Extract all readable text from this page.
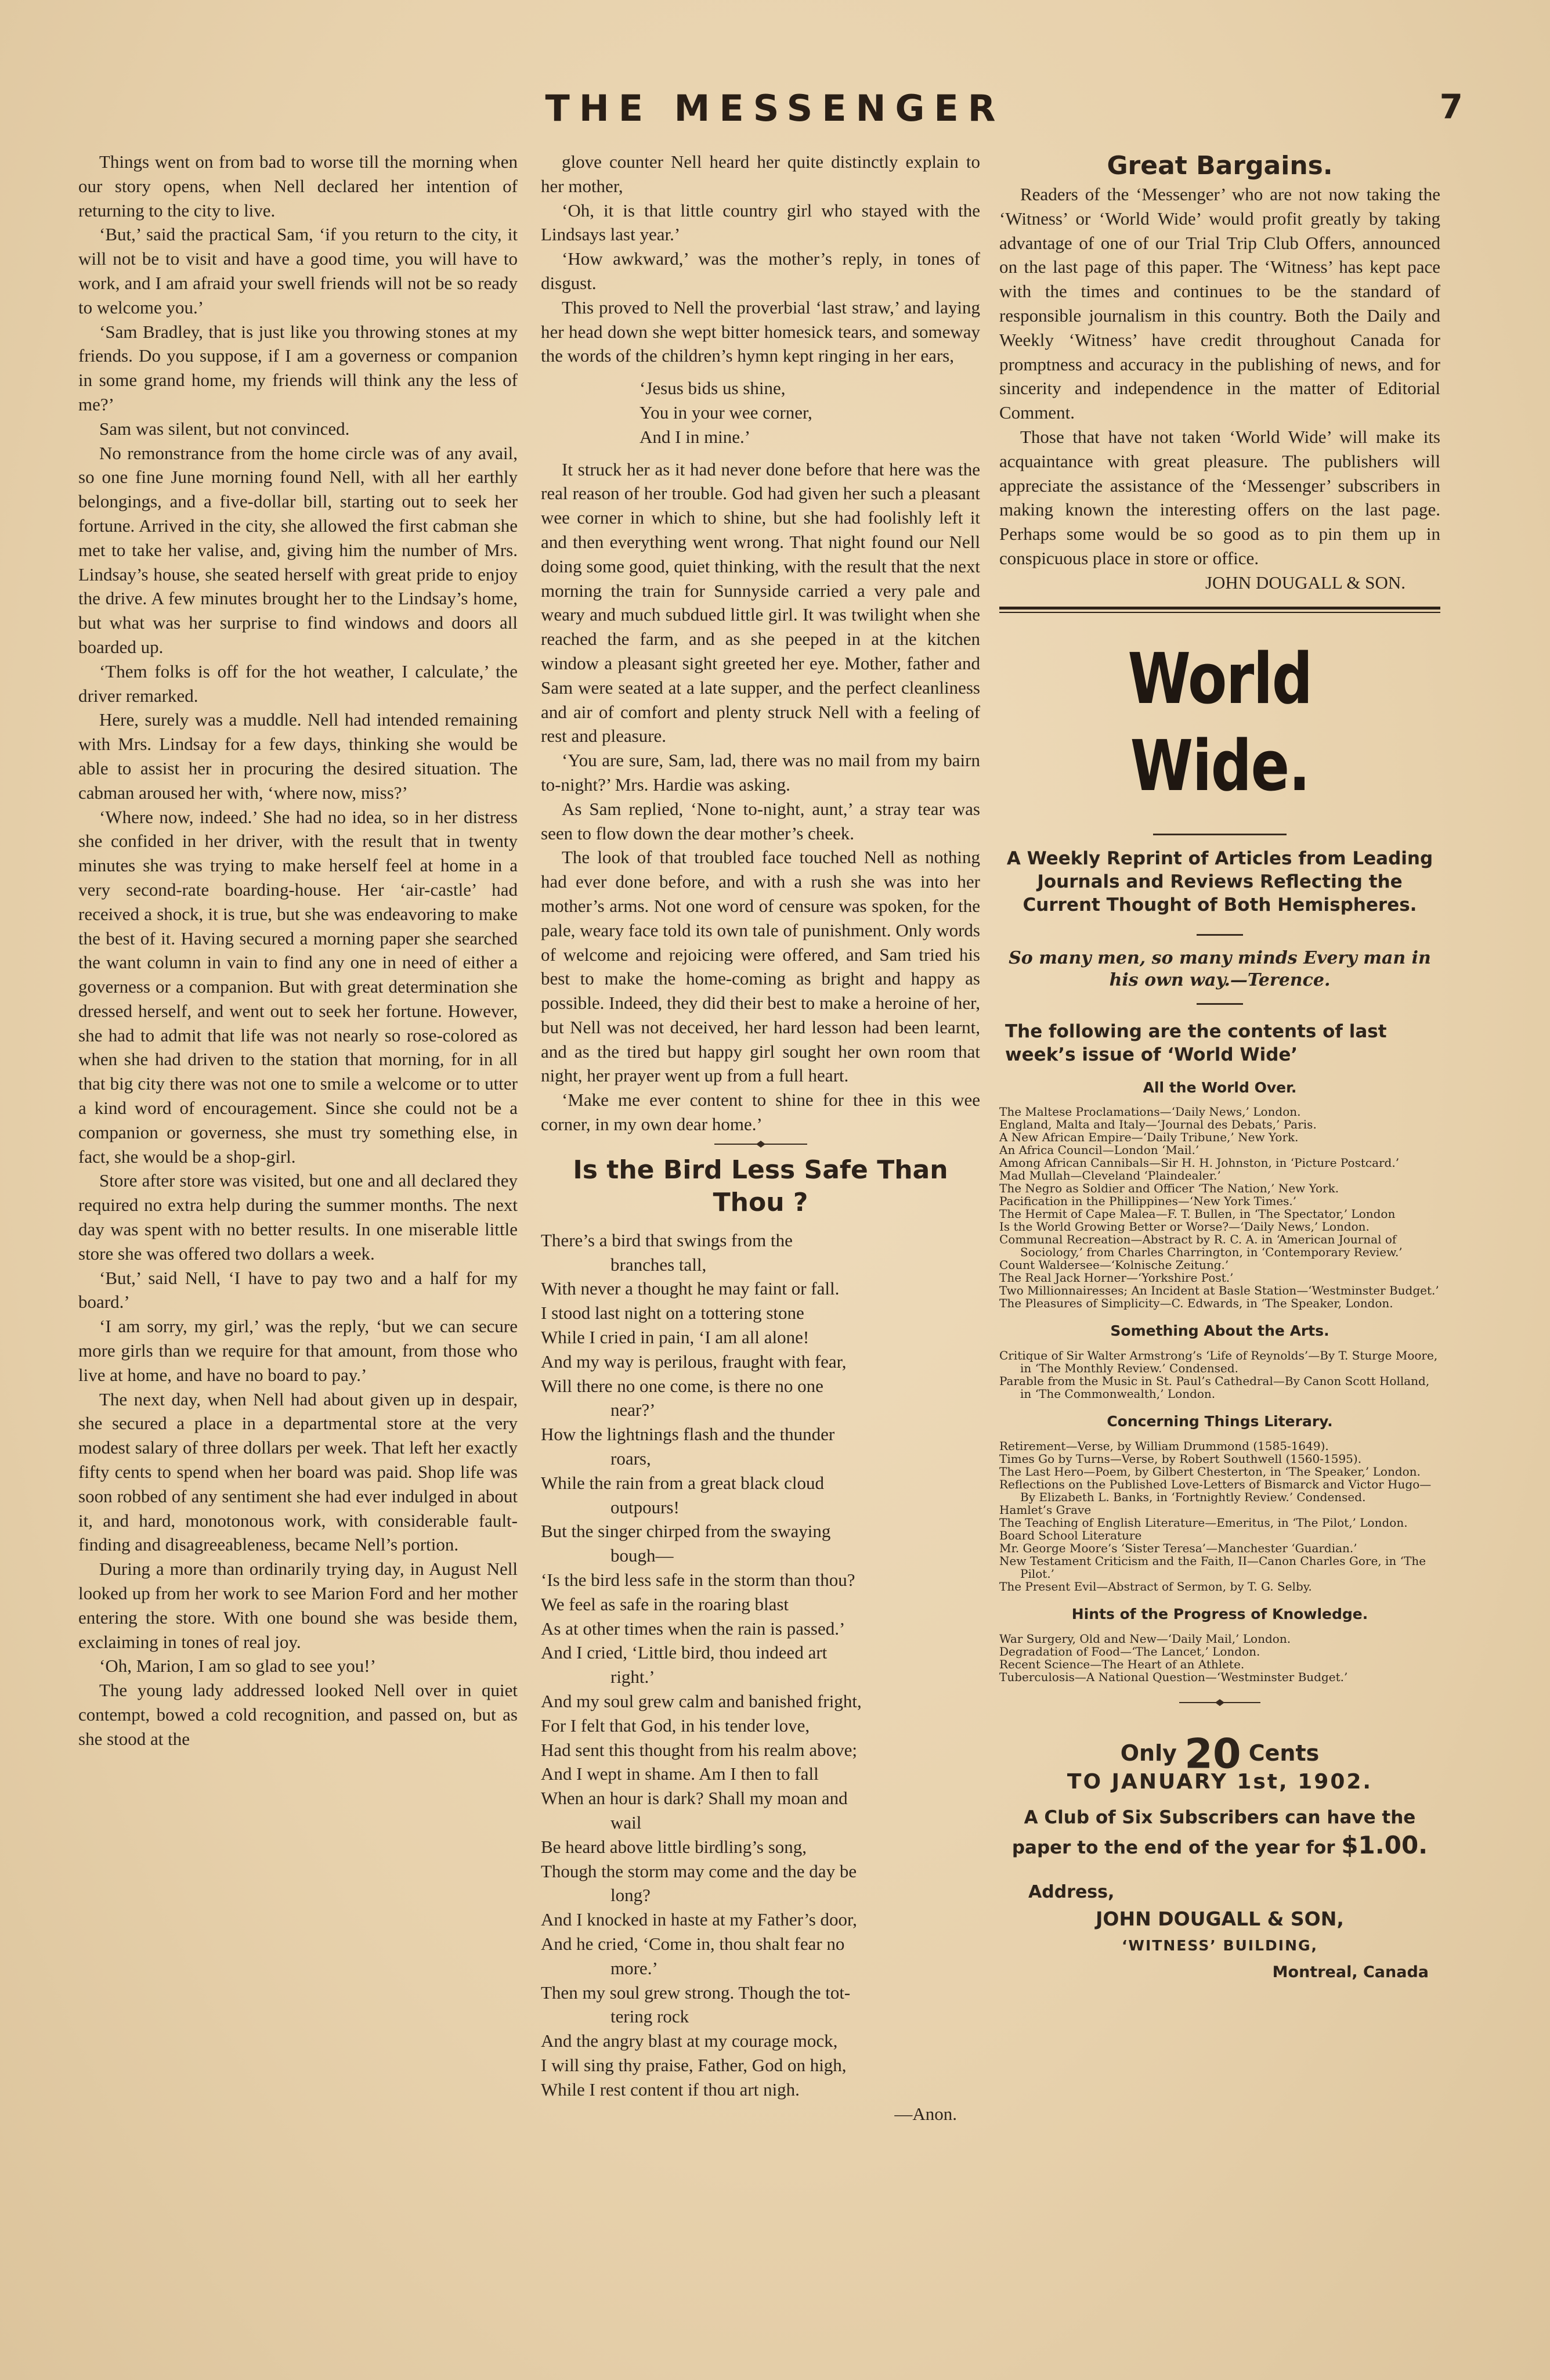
THE MESSENGER	7

Things went on from bad to worse till the morning when our story opens, when Nell declared her intention of returning to the city to live.

‘But,’ said the practical Sam, ‘if you return to the city, it will not be to visit and have a good time, you will have to work, and I am afraid your swell friends will not be so ready to welcome you.’

‘Sam Bradley, that is just like you throwing stones at my friends. Do you suppose, if I am a governess or companion in some grand home, my friends will think any the less of me?’

Sam was silent, but not convinced.

No remonstrance from the home circle was of any avail, so one fine June morning found Nell, with all her earthly belongings, and a five-dollar bill, starting out to seek her fortune. Arrived in the city, she allowed the first cabman she met to take her valise, and, giving him the number of Mrs. Lindsay’s house, she seated herself with great pride to enjoy the drive. A few minutes brought her to the Lindsay’s home, but what was her surprise to find windows and doors all boarded up.

‘Them folks is off for the hot weather, I calculate,’ the driver remarked.

Here, surely was a muddle. Nell had intended remaining with Mrs. Lindsay for a few days, thinking she would be able to assist her in procuring the desired situation. The cabman aroused her with, ‘where now, miss?’

‘Where now, indeed.’ She had no idea, so in her distress she confided in her driver, with the result that in twenty minutes she was trying to make herself feel at home in a very second-rate boarding-house. Her ‘air-castle’ had received a shock, it is true, but she was endeavoring to make the best of it. Having secured a morning paper she searched the want column in vain to find any one in need of either a governess or a companion. But with great determination she dressed herself, and went out to seek her fortune. However, she had to admit that life was not nearly so rose-colored as when she had driven to the station that morning, for in all that big city there was not one to smile a welcome or to utter a kind word of encouragement. Since she could not be a companion or governess, she must try something else, in fact, she would be a shop-girl.

Store after store was visited, but one and all declared they required no extra help during the summer months. The next day was spent with no better results. In one miserable little store she was offered two dollars a week.

‘But,’ said Nell, ‘I have to pay two and a half for my board.’

‘I am sorry, my girl,’ was the reply, ‘but we can secure more girls than we require for that amount, from those who live at home, and have no board to pay.’

The next day, when Nell had about given up in despair, she secured a place in a departmental store at the very modest salary of three dollars per week. That left her exactly fifty cents to spend when her board was paid. Shop life was soon robbed of any sentiment she had ever indulged in about it, and hard, monotonous work, with considerable fault-finding and disagreeableness, became Nell’s portion.

During a more than ordinarily trying day, in August Nell looked up from her work to see Marion Ford and her mother entering the store. With one bound she was beside them, exclaiming in tones of real joy.

‘Oh, Marion, I am so glad to see you!’

The young lady addressed looked Nell over in quiet contempt, bowed a cold recognition, and passed on, but as she stood at the

glove counter Nell heard her quite distinctly explain to her mother,

‘Oh, it is that little country girl who stayed with the Lindsays last year.’

‘How awkward,’ was the mother’s reply, in tones of disgust.

This proved to Nell the proverbial ‘last straw,’ and laying her head down she wept bitter homesick tears, and someway the words of the children’s hymn kept ringing in her ears,

‘Jesus bids us shine,
You in your wee corner,
And I in mine.’

It struck her as it had never done before that here was the real reason of her trouble. God had given her such a pleasant wee corner in which to shine, but she had foolishly left it and then everything went wrong. That night found our Nell doing some good, quiet thinking, with the result that the next morning the train for Sunnyside carried a very pale and weary and much subdued little girl. It was twilight when she reached the farm, and as she peeped in at the kitchen window a pleasant sight greeted her eye. Mother, father and Sam were seated at a late supper, and the perfect cleanliness and air of comfort and plenty struck Nell with a feeling of rest and pleasure.

‘You are sure, Sam, lad, there was no mail from my bairn to-night?’ Mrs. Hardie was asking.

As Sam replied, ‘None to-night, aunt,’ a stray tear was seen to flow down the dear mother’s cheek.

The look of that troubled face touched Nell as nothing had ever done before, and with a rush she was into her mother’s arms. Not one word of censure was spoken, for the pale, weary face told its own tale of punishment. Only words of welcome and rejoicing were offered, and Sam tried his best to make the home-coming as bright and happy as possible. Indeed, they did their best to make a heroine of her, but Nell was not deceived, her hard lesson had been learnt, and as the tired but happy girl sought her own room that night, her prayer went up from a full heart.

‘Make me ever content to shine for thee in this wee corner, in my own dear home.’

Is the Bird Less Safe Than Thou ?
There’s a bird that swings from the
branches tall,
With never a thought he may faint or fall.
I stood last night on a tottering stone
While I cried in pain, ‘I am all alone!
And my way is perilous, fraught with fear,
Will there no one come, is there no one
near?’
How the lightnings flash and the thunder
roars,
While the rain from a great black cloud
outpours!
But the singer chirped from the swaying
bough—
‘Is the bird less safe in the storm than thou?
We feel as safe in the roaring blast
As at other times when the rain is passed.’
And I cried, ‘Little bird, thou indeed art
right.’
And my soul grew calm and banished fright,
For I felt that God, in his tender love,
Had sent this thought from his realm above;
And I wept in shame. Am I then to fall
When an hour is dark? Shall my moan and
wail
Be heard above little birdling’s song,
Though the storm may come and the day be
long?
And I knocked in haste at my Father’s door,
And he cried, ‘Come in, thou shalt fear no
more.’
Then my soul grew strong. Though the tot-
tering rock
And the angry blast at my courage mock,
I will sing thy praise, Father, God on high,
While I rest content if thou art nigh.
—Anon.
Great Bargains.

Readers of the ‘Messenger’ who are not now taking the ‘Witness’ or ‘World Wide’ would profit greatly by taking advantage of one of our Trial Trip Club Offers, announced on the last page of this paper. The ‘Witness’ has kept pace with the times and continues to be the standard of responsible journalism in this country. Both the Daily and Weekly ‘Witness’ have credit throughout Canada for promptness and accuracy in the publishing of news, and for sincerity and independence in the matter of Editorial Comment.

Those that have not taken ‘World Wide’ will make its acquaintance with great pleasure. The publishers will appreciate the assistance of the ‘Messenger’ subscribers in making known the interesting offers on the last page. Perhaps some would be so good as to pin them up in conspicuous place in store or office.

JOHN DOUGALL & SON.

World Wide.
A Weekly Reprint of Articles from Leading Journals and Reviews Reflecting the Current Thought of Both Hemispheres.
So many men, so many minds Every man in his own way.—Terence.
The following are the contents of last week’s issue of ‘World Wide’
All the World Over.
The Maltese Proclamations—‘Daily News,’ London.
England, Malta and Italy—‘Journal des Debats,’ Paris.
A New African Empire—‘Daily Tribune,’ New York.
An Africa Council—London ‘Mail.’
Among African Cannibals—Sir H. H. Johnston, in ‘Picture Postcard.’
Mad Mullah—Cleveland ‘Plaindealer.’
The Negro as Soldier and Officer ‘The Nation,’ New York.
Pacification in the Phillippines—‘New York Times.’
The Hermit of Cape Malea—F. T. Bullen, in ‘The Spectator,’ London
Is the World Growing Better or Worse?—‘Daily News,’ London.
Communal Recreation—Abstract by R. C. A. in ‘American Journal of Sociology,’ from Charles Charrington, in ‘Contemporary Review.’
Count Waldersee—‘Kolnische Zeitung.’
The Real Jack Horner—‘Yorkshire Post.’
Two Millionnairesses; An Incident at Basle Station—‘Westminster Budget.’
The Pleasures of Simplicity—C. Edwards, in ‘The Speaker, London.
Something About the Arts.
Critique of Sir Walter Armstrong’s ‘Life of Reynolds’—By T. Sturge Moore, in ‘The Monthly Review.’ Condensed.
Parable from the Music in St. Paul’s Cathedral—By Canon Scott Holland, in ‘The Commonwealth,’ London.
Concerning Things Literary.
Retirement—Verse, by William Drummond (1585-1649).
Times Go by Turns—Verse, by Robert Southwell (1560-1595).
The Last Hero—Poem, by Gilbert Chesterton, in ‘The Speaker,’ London.
Reflections on the Published Love-Letters of Bismarck and Victor Hugo—By Elizabeth L. Banks, in ‘Fortnightly Review.’ Condensed.
Hamlet’s Grave
The Teaching of English Literature—Emeritus, in ‘The Pilot,’ London.
Board School Literature
Mr. George Moore’s ‘Sister Teresa’—Manchester ‘Guardian.’
New Testament Criticism and the Faith, II—Canon Charles Gore, in ‘The Pilot.’
The Present Evil—Abstract of Sermon, by T. G. Selby.
Hints of the Progress of Knowledge.
War Surgery, Old and New—‘Daily Mail,’ London.
Degradation of Food—‘The Lancet,’ London.
Recent Science—The Heart of an Athlete.
Tuberculosis—A National Question—‘Westminster Budget.’
Only 20 Cents
TO JANUARY 1st, 1902.
A Club of Six Subscribers can have the paper to the end of the year for $1.00.
Address,
JOHN DOUGALL & SON,
‘WITNESS’ BUILDING,
Montreal, Canada
